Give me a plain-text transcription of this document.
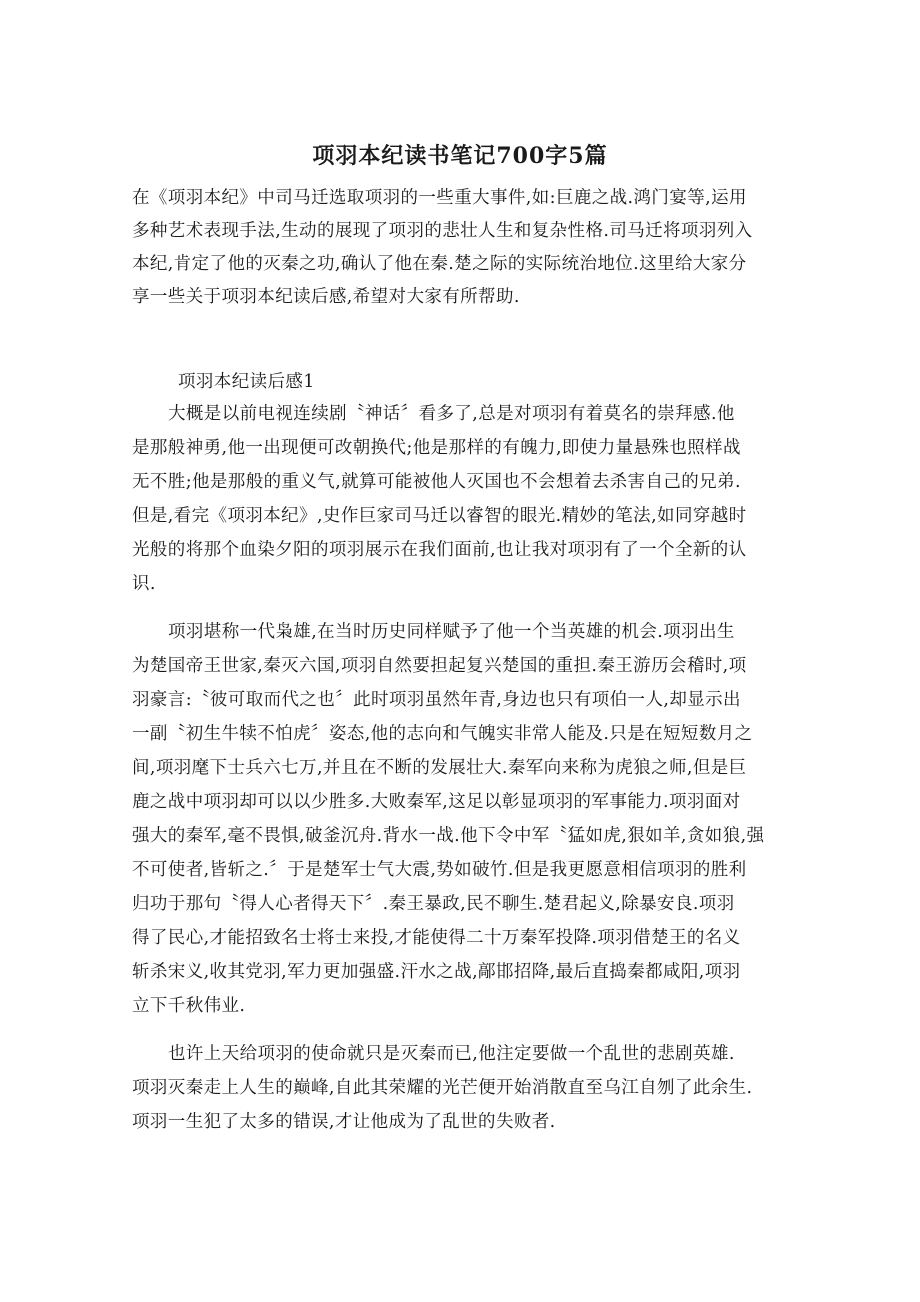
项羽本纪读书笔记700字5篇
在《项羽本纪》中司马迁选取项羽的一些重大事件,如:巨鹿之战.鸿门宴等,运用
多种艺术表现手法,生动的展现了项羽的悲壮人生和复杂性格.司马迁将项羽列入
本纪,肯定了他的灭秦之功,确认了他在秦.楚之际的实际统治地位.这里给大家分
享一些关于项羽本纪读后感,希望对大家有所帮助.
项羽本纪读后感1
大概是以前电视连续剧〝神话〞看多了,总是对项羽有着莫名的崇拜感.他
是那般神勇,他一出现便可改朝换代;他是那样的有魄力,即使力量悬殊也照样战
无不胜;他是那般的重义气,就算可能被他人灭国也不会想着去杀害自己的兄弟.
但是,看完《项羽本纪》,史作巨家司马迁以睿智的眼光.精妙的笔法,如同穿越时
光般的将那个血染夕阳的项羽展示在我们面前,也让我对项羽有了一个全新的认
识.
项羽堪称一代枭雄,在当时历史同样赋予了他一个当英雄的机会.项羽出生
为楚国帝王世家,秦灭六国,项羽自然要担起复兴楚国的重担.秦王游历会稽时,项
羽豪言:〝彼可取而代之也〞此时项羽虽然年青,身边也只有项伯一人,却显示出
一副〝初生牛犊不怕虎〞姿态,他的志向和气魄实非常人能及.只是在短短数月之
间,项羽麾下士兵六七万,并且在不断的发展壮大.秦军向来称为虎狼之师,但是巨
鹿之战中项羽却可以以少胜多.大败秦军,这足以彰显项羽的军事能力.项羽面对
强大的秦军,毫不畏惧,破釜沉舟.背水一战.他下令中军〝猛如虎,狠如羊,贪如狼,强
不可使者,皆斩之.〞于是楚军士气大震,势如破竹.但是我更愿意相信项羽的胜利
归功于那句〝得人心者得天下〞.秦王暴政,民不聊生.楚君起义,除暴安良.项羽
得了民心,才能招致名士将士来投,才能使得二十万秦军投降.项羽借楚王的名义
斩杀宋义,收其党羽,军力更加强盛.汗水之战,鄗邯招降,最后直捣秦都咸阳,项羽
立下千秋伟业.
也许上天给项羽的使命就只是灭秦而已,他注定要做一个乱世的悲剧英雄.
项羽灭秦走上人生的巅峰,自此其荣耀的光芒便开始消散直至乌江自刎了此余生.
项羽一生犯了太多的错误,才让他成为了乱世的失败者.
